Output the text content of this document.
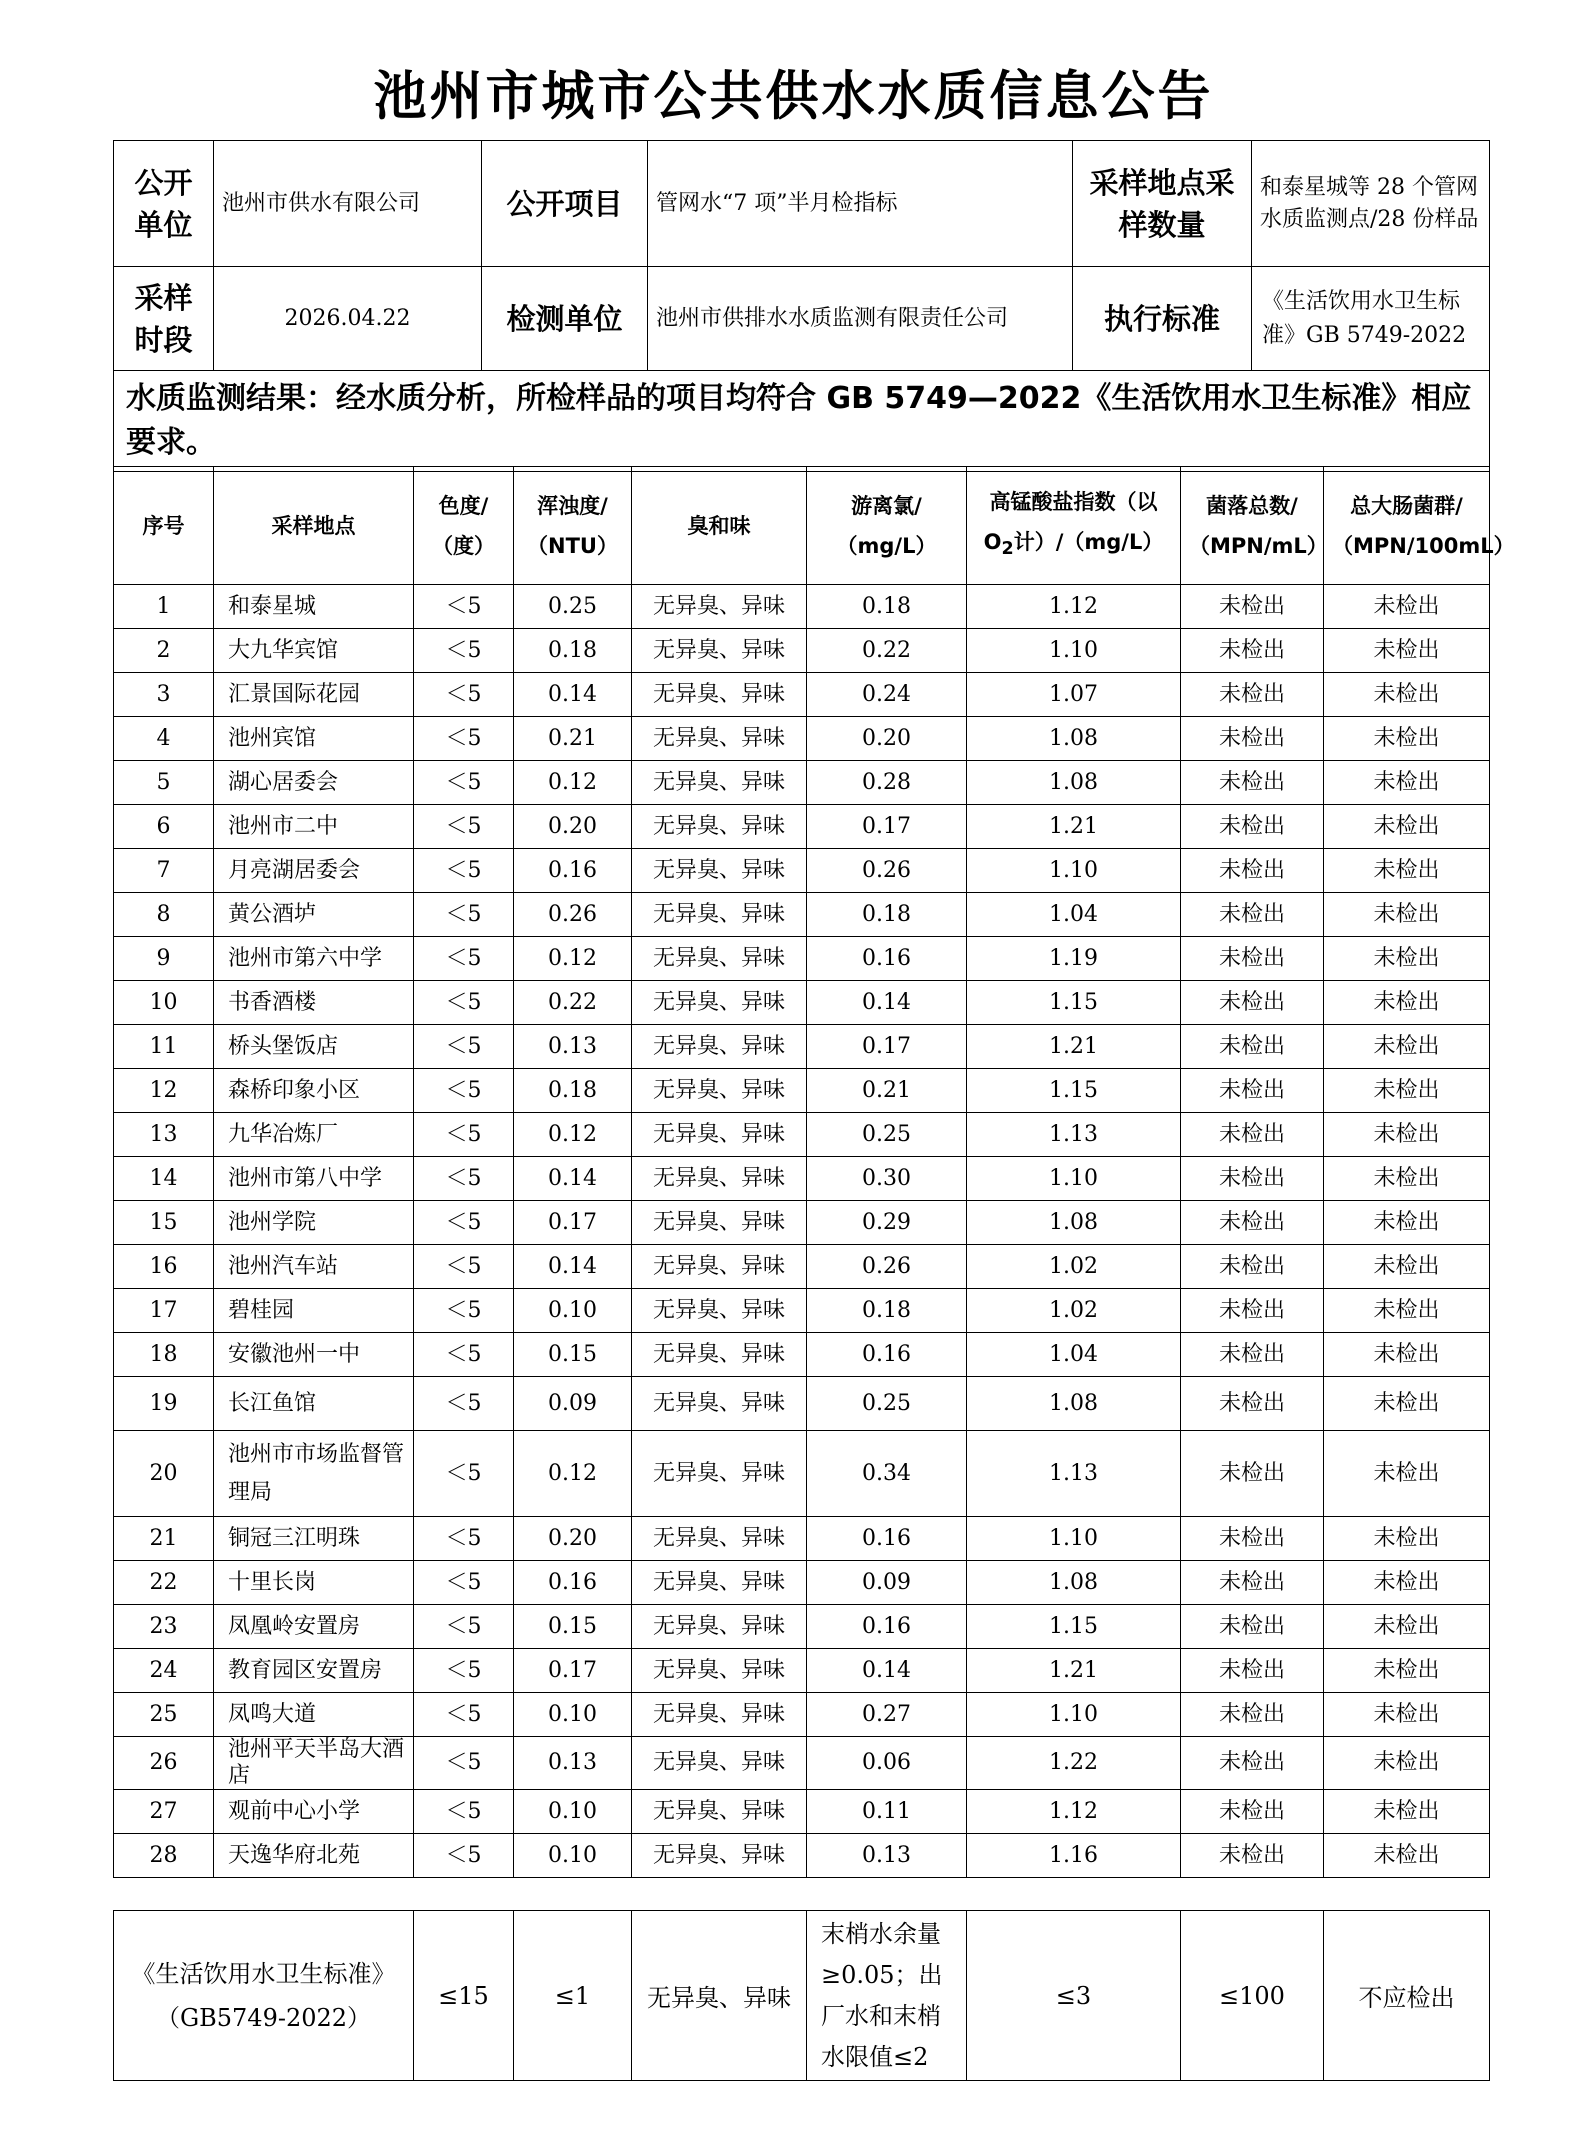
池州市城市公共供水水质信息公告
公开单位	池州市供水有限公司	公开项目	管网水“7 项”半月检指标	采样地点采样数量	和泰星城等 28 个管网水质监测点/28 份样品
采样时段	2026.04.22	检测单位	池州市供排水水质监测有限责任公司	执行标准	《生活饮用水卫生标准》GB 5749-2022
水质监测结果：经水质分析，所检样品的项目均符合 GB 5749—2022《生活饮用水卫生标准》相应要求。					
序号	采样地点	色度/（度）	浑浊度/（NTU）	臭和味	游离氯/（mg/L）	高锰酸盐指数（以 $O_2$计）/（mg/L）	菌落总数/（MPN/mL）	总大肠菌群/（MPN/100mL）
1	和泰星城	＜5	0.25	无异臭、异味	0.18	1.12	未检出	未检出
2	大九华宾馆	＜5	0.18	无异臭、异味	0.22	1.10	未检出	未检出
3	汇景国际花园	＜5	0.14	无异臭、异味	0.24	1.07	未检出	未检出
4	池州宾馆	＜5	0.21	无异臭、异味	0.20	1.08	未检出	未检出
5	湖心居委会	＜5	0.12	无异臭、异味	0.28	1.08	未检出	未检出
6	池州市二中	＜5	0.20	无异臭、异味	0.17	1.21	未检出	未检出
7	月亮湖居委会	＜5	0.16	无异臭、异味	0.26	1.10	未检出	未检出
8	黄公酒垆	＜5	0.26	无异臭、异味	0.18	1.04	未检出	未检出
9	池州市第六中学	＜5	0.12	无异臭、异味	0.16	1.19	未检出	未检出
10	书香酒楼	＜5	0.22	无异臭、异味	0.14	1.15	未检出	未检出
11	桥头堡饭店	＜5	0.13	无异臭、异味	0.17	1.21	未检出	未检出
12	森桥印象小区	＜5	0.18	无异臭、异味	0.21	1.15	未检出	未检出
13	九华冶炼厂	＜5	0.12	无异臭、异味	0.25	1.13	未检出	未检出
14	池州市第八中学	＜5	0.14	无异臭、异味	0.30	1.10	未检出	未检出
15	池州学院	＜5	0.17	无异臭、异味	0.29	1.08	未检出	未检出
16	池州汽车站	＜5	0.14	无异臭、异味	0.26	1.02	未检出	未检出
17	碧桂园	＜5	0.10	无异臭、异味	0.18	1.02	未检出	未检出
18	安徽池州一中	＜5	0.15	无异臭、异味	0.16	1.04	未检出	未检出
19	长江鱼馆	＜5	0.09	无异臭、异味	0.25	1.08	未检出	未检出
20	池州市市场监督管理局	＜5	0.12	无异臭、异味	0.34	1.13	未检出	未检出
21	铜冠三江明珠	＜5	0.20	无异臭、异味	0.16	1.10	未检出	未检出
22	十里长岗	＜5	0.16	无异臭、异味	0.09	1.08	未检出	未检出
23	凤凰岭安置房	＜5	0.15	无异臭、异味	0.16	1.15	未检出	未检出
24	教育园区安置房	＜5	0.17	无异臭、异味	0.14	1.21	未检出	未检出
25	凤鸣大道	＜5	0.10	无异臭、异味	0.27	1.10	未检出	未检出
26	池州平天半岛大酒店	＜5	0.13	无异臭、异味	0.06	1.22	未检出	未检出
27	观前中心小学	＜5	0.10	无异臭、异味	0.11	1.12	未检出	未检出
28	天逸华府北苑	＜5	0.10	无异臭、异味	0.13	1.16	未检出	未检出
《生活饮用水卫生标准》（GB5749-2022）	≤15	≤1	无异臭、异味	末梢水余量≥0.05；出厂水和末梢水限值≤2	≤3	≤100	不应检出
